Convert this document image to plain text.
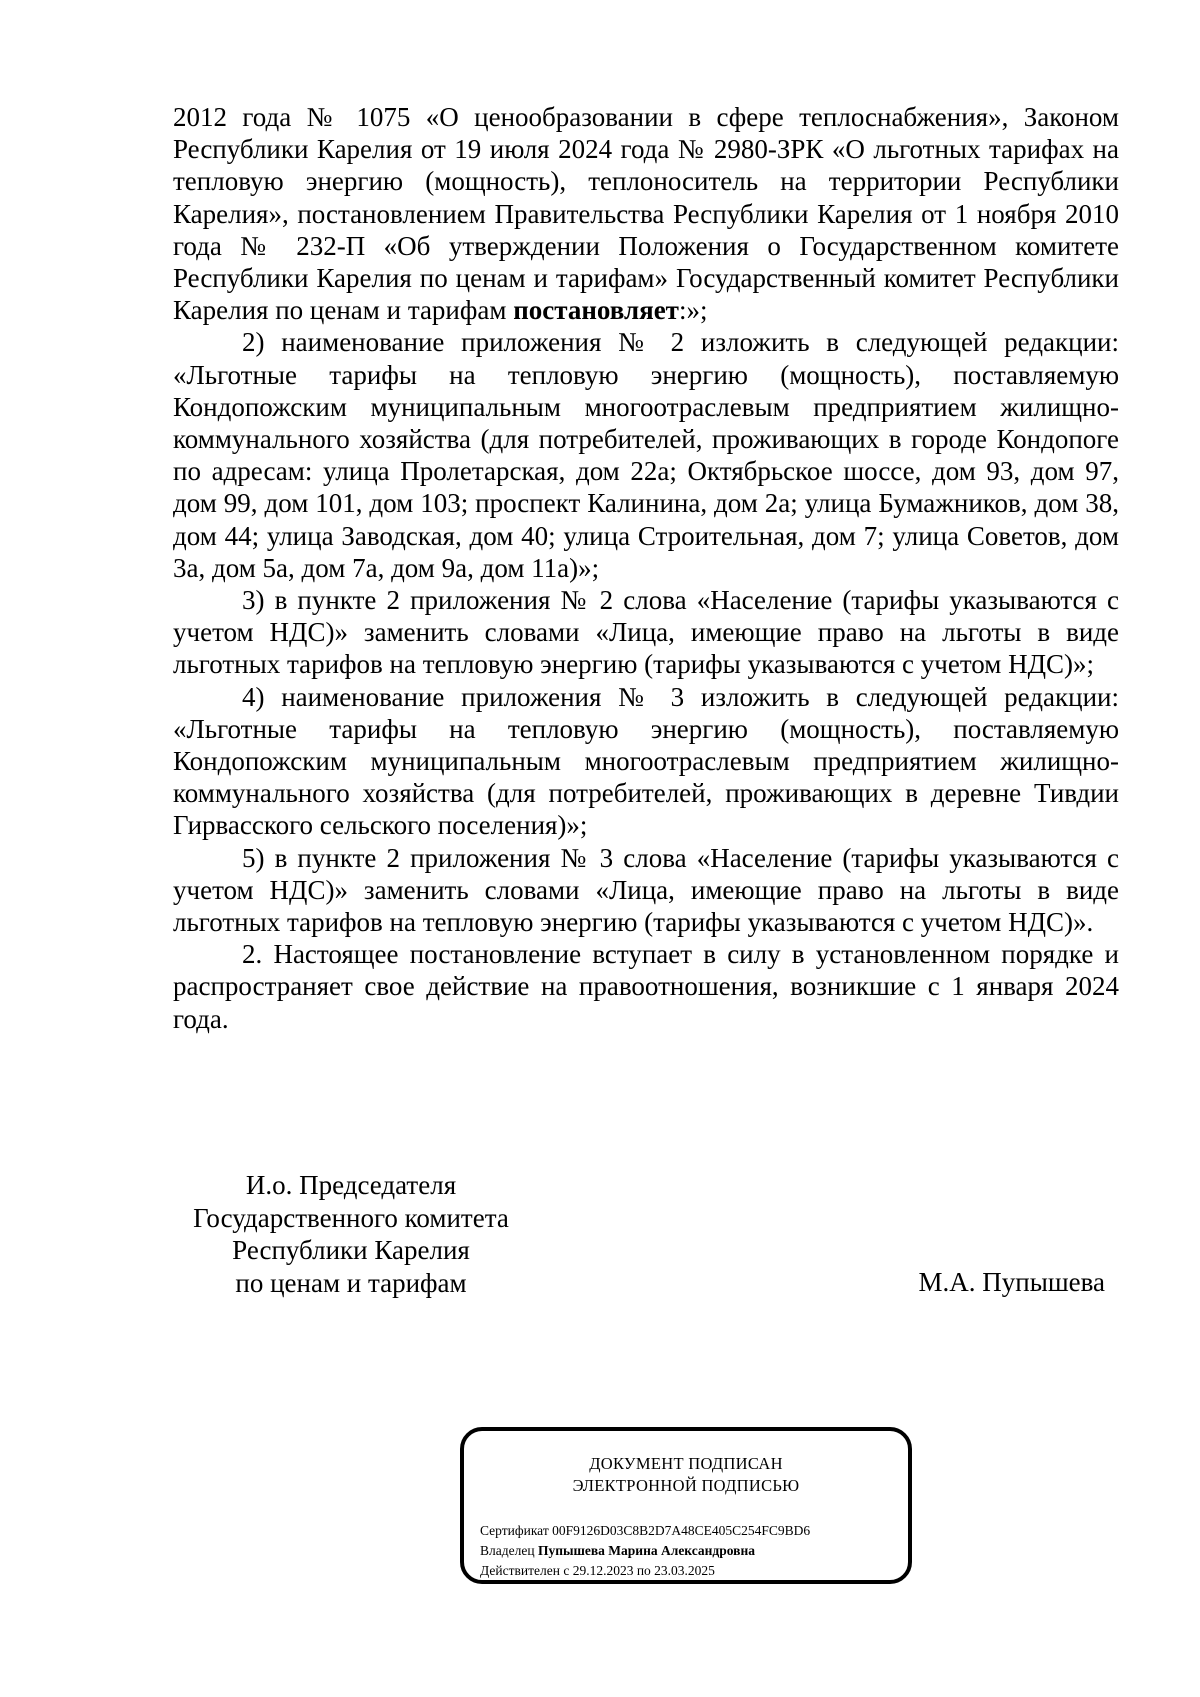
2012 года № 1075 «О ценообразовании в сфере теплоснабжения», Законом Республики Карелия от 19 июля 2024 года № 2980-ЗРК «О льготных тарифах на тепловую энергию (мощность), теплоноситель на территории Республики Карелия», постановлением Правительства Республики Карелия от 1 ноября 2010 года № 232-П «Об утверждении Положения о Государственном комитете Республики Карелия по ценам и тарифам» Государственный комитет Республики Карелия по ценам и тарифам постановляет:»;

2) наименование приложения № 2 изложить в следующей редакции: «Льготные тарифы на тепловую энергию (мощность), поставляемую Кондопожским муниципальным многоотраслевым предприятием жилищно-коммунального хозяйства (для потребителей, проживающих в городе Кондопоге по адресам: улица Пролетарская, дом 22а; Октябрьское шоссе, дом 93, дом 97, дом 99, дом 101, дом 103; проспект Калинина, дом 2а; улица Бумажников, дом 38, дом 44; улица Заводская, дом 40; улица Строительная, дом 7; улица Советов, дом 3а, дом 5а, дом 7а, дом 9а, дом 11а)»;

3) в пункте 2 приложения № 2 слова «Население (тарифы указываются с учетом НДС)» заменить словами «Лица, имеющие право на льготы в виде льготных тарифов на тепловую энергию (тарифы указываются с учетом НДС)»;

4) наименование приложения № 3 изложить в следующей редакции: «Льготные тарифы на тепловую энергию (мощность), поставляемую Кондопожским муниципальным многоотраслевым предприятием жилищно-коммунального хозяйства (для потребителей, проживающих в деревне Тивдии Гирвасского сельского поселения)»;

5) в пункте 2 приложения № 3 слова «Население (тарифы указываются с учетом НДС)» заменить словами «Лица, имеющие право на льготы в виде льготных тарифов на тепловую энергию (тарифы указываются с учетом НДС)».

2. Настоящее постановление вступает в силу в установленном порядке и распространяет свое действие на правоотношения, возникшие с 1 января 2024 года.

И.о. Председателя
Государственного комитета
Республики Карелия
по ценам и тарифам	М.А. Пупышева
ДОКУМЕНТ ПОДПИСАН
ЭЛЕКТРОННОЙ ПОДПИСЬЮ
Сертификат 00F9126D03C8B2D7A48CE405C254FC9BD6
Владелец Пупышева Марина Александровна
Действителен с 29.12.2023 по 23.03.2025
